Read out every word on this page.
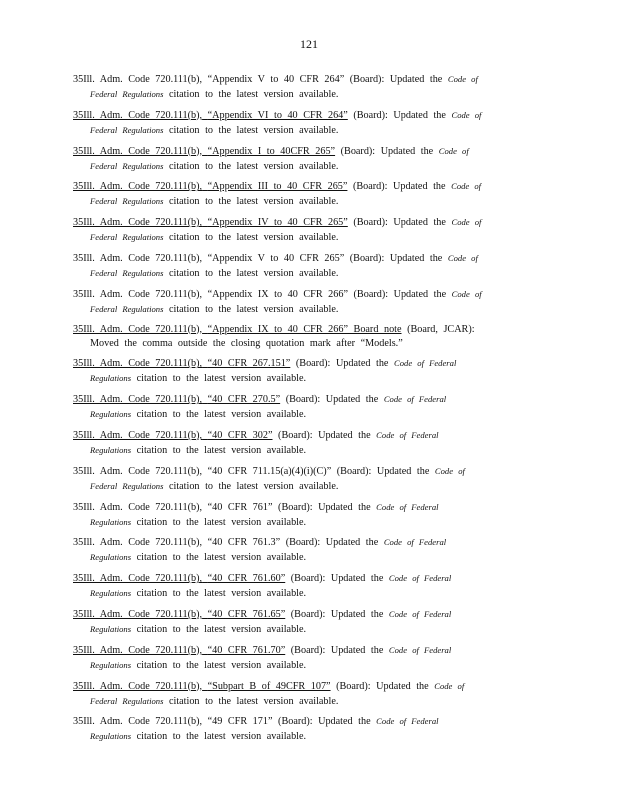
121
35Ill. Adm. Code 720.111(b), “Appendix V to 40 CFR 264” (Board): Updated the Code of
Federal Regulations citation to the latest version available.
35Ill. Adm. Code 720.111(b), “Appendix VI to 40 CFR 264” (Board): Updated the Code of
Federal Regulations citation to the latest version available.
35Ill. Adm. Code 720.111(b), “Appendix I to 40CFR 265” (Board): Updated the Code of
Federal Regulations citation to the latest version available.
35Ill. Adm. Code 720.111(b), “Appendix III to 40 CFR 265” (Board): Updated the Code of
Federal Regulations citation to the latest version available.
35Ill. Adm. Code 720.111(b), “Appendix IV to 40 CFR 265” (Board): Updated the Code of
Federal Regulations citation to the latest version available.
35Ill. Adm. Code 720.111(b), “Appendix V to 40 CFR 265” (Board): Updated the Code of
Federal Regulations citation to the latest version available.
35Ill. Adm. Code 720.111(b), “Appendix IX to 40 CFR 266” (Board): Updated the Code of
Federal Regulations citation to the latest version available.
35Ill. Adm. Code 720.111(b), “Appendix IX to 40 CFR 266” Board note (Board, JCAR):
Moved the comma outside the closing quotation mark after “Models.”
35Ill. Adm. Code 720.111(b), “40 CFR 267.151” (Board): Updated the Code of Federal
Regulations citation to the latest version available.
35Ill. Adm. Code 720.111(b), “40 CFR 270.5” (Board): Updated the Code of Federal
Regulations citation to the latest version available.
35Ill. Adm. Code 720.111(b), “40 CFR 302” (Board): Updated the Code of Federal
Regulations citation to the latest version available.
35Ill. Adm. Code 720.111(b), “40 CFR 711.15(a)(4)(i)(C)” (Board): Updated the Code of
Federal Regulations citation to the latest version available.
35Ill. Adm. Code 720.111(b), “40 CFR 761” (Board): Updated the Code of Federal
Regulations citation to the latest version available.
35Ill. Adm. Code 720.111(b), “40 CFR 761.3” (Board): Updated the Code of Federal
Regulations citation to the latest version available.
35Ill. Adm. Code 720.111(b), “40 CFR 761.60” (Board): Updated the Code of Federal
Regulations citation to the latest version available.
35Ill. Adm. Code 720.111(b), “40 CFR 761.65” (Board): Updated the Code of Federal
Regulations citation to the latest version available.
35Ill. Adm. Code 720.111(b), “40 CFR 761.70” (Board): Updated the Code of Federal
Regulations citation to the latest version available.
35Ill. Adm. Code 720.111(b), “Subpart B of 49CFR 107” (Board): Updated the Code of
Federal Regulations citation to the latest version available.
35Ill. Adm. Code 720.111(b), “49 CFR 171” (Board): Updated the Code of Federal
Regulations citation to the latest version available.
